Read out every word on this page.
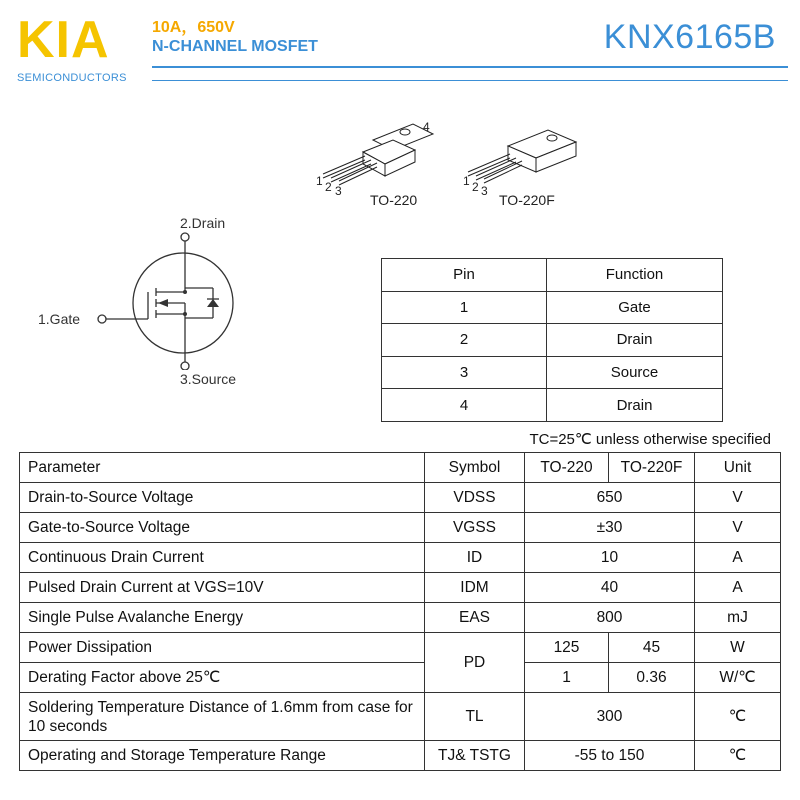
KIA
SEMICONDUCTORS
10A，650V
N-CHANNEL MOSFET	KNX6165B
1 2 3
4
TO-220
1 2 3
TO-220F
2.Drain
1.Gate
3.Source
Pin	Function
1	Gate
2	Drain
3	Source
4	Drain
TC=25℃ unless otherwise specified
Parameter	Symbol	TO-220	TO-220F	Unit
Drain-to-Source Voltage	VDSS	650		V
Gate-to-Source Voltage	VGSS	±30		V
Continuous Drain Current	ID	10		A
Pulsed Drain Current at VGS=10V	IDM	40		A
Single Pulse Avalanche Energy	EAS	800		mJ
Power Dissipation	PD	125	45	W
Derating Factor above 25℃		1	0.36	W/℃
Soldering Temperature Distance of 1.6mm from case for 10 seconds	TL	300		℃
Operating and Storage Temperature Range	TJ& TSTG	-55 to 150		℃
